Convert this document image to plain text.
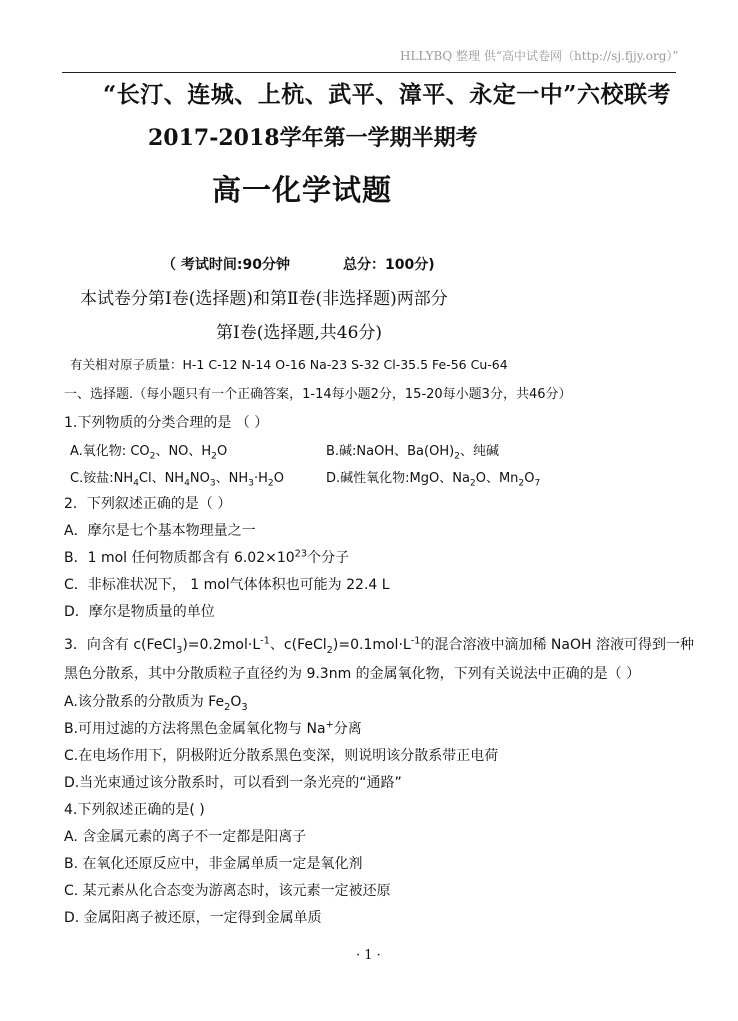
HLLYBQ 整理 供“高中试卷网（http://sj.fjjy.org）”
“长汀、连城、上杭、武平、漳平、永定一中”六校联考
2017-2018学年第一学期半期考
高一化学试题
（ 考试时间:90分钟	总分：100分)
本试卷分第Ⅰ卷(选择题)和第Ⅱ卷(非选择题)两部分
第Ⅰ卷(选择题,共46分)
有关相对原子质量：H-1 C-12 N-14 O-16 Na-23 S-32 Cl-35.5 Fe-56 Cu-64
一、选择题.（每小题只有一个正确答案，1-14每小题2分，15-20每小题3分，共46分）
1.下列物质的分类合理的是 （ ）
A.氧化物: $CO_2$、NO、$H_2O$	B.碱:NaOH、$Ba(OH)_2$、纯碱
C.铵盐$:NH_4Cl$、$NH_4NO_3$、$NH_3\cdot H_2O$	D.碱性氧化物:MgO、$Na_2O$、$Mn_2O_7$
2．下列叙述正确的是（ ）
A．摩尔是七个基本物理量之一
B．1 mol 任何物质都含有 $6.02\times 10^{23}$个分子
C．非标准状况下， 1 mol气体体积也可能为 22.4 L
D．摩尔是物质量的单位
3．向含有 $c(FeCl_3)=0.2mol\cdot L^{-1}$、$c(FeCl_2)=0.1mol\cdot L^{-1}$的混合溶液中滴加稀 NaOH 溶液可得到一种
黑色分散系，其中分散质粒子直径约为 9.3nm 的金属氧化物，下列有关说法中正确的是（ ）
A.该分散系的分散质为 $Fe_2O_3$
B.可用过滤的方法将黑色金属氧化物与 Na+分离
C.在电场作用下，阴极附近分散系黑色变深，则说明该分散系带正电荷
D.当光束通过该分散系时，可以看到一条光亮的“通路”
4.下列叙述正确的是( )
A. 含金属元素的离子不一定都是阳离子
B. 在氧化还原反应中，非金属单质一定是氧化剂
C. 某元素从化合态变为游离态时，该元素一定被还原
D. 金属阳离子被还原，一定得到金属单质
· 1 ·
